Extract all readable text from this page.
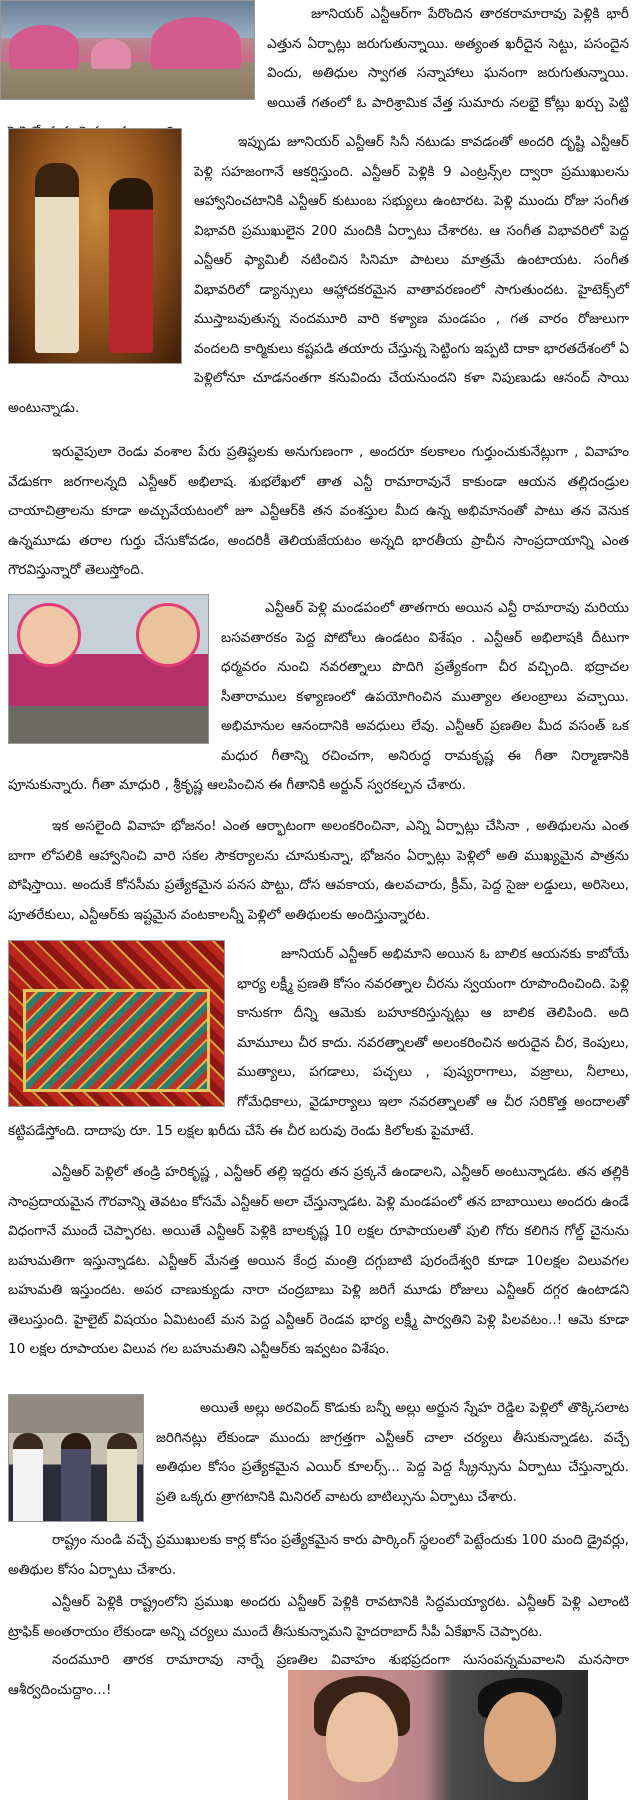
జూనియర్ ఎన్టీఆర్‌గా పేరొందిన తారకరామారావు పెళ్లికి భారీ ఎత్తున ఏర్పాట్లు జరుగుతున్నాయి. అత్యంత ఖరీదైన సెట్టు, పసందైన విందు, అతిధుల స్వాగత సన్నాహాలు ఘనంగా జరుగుతున్నాయి. అయితే గతంలో ఓ పారిశ్రామిక వేత్త సుమారు నలభై కోట్లు ఖర్చు పెట్టి

ఇప్పుడు జూనియర్ ఎన్టీఆర్ సినీ నటుడు కావడంతో అందరి దృష్టి ఎన్టీఆర్ పెళ్లి సహజంగానే ఆకర్షిస్తుంది. ఎన్టీఆర్ పెళ్లికి 9 ఎంట్రన్స్‌ల ద్వారా ప్రముఖులను ఆహ్వానించటానికి ఎన్టీఆర్ కుటుంబ సభ్యులు ఉంటారట. పెళ్లి ముందు రోజు సంగీత విభావరి ప్రముఖులైన 200 మందికి ఏర్పాటు చేశారట. ఆ సంగీత విభావరిలో పెద్ద ఎన్టీఆర్ ఫ్యామిలీ నటించిన సినిమా పాటలు మాత్రమే ఉంటాయట. సంగీత విభావరిలో డ్యాన్సులు ఆహ్లాదకరమైన వాతావరణంలో సాగుతుందట. హైటెక్స్‌లో ముస్తాబవుతున్న నందమూరి వారి కళ్యాణ మండపం , గత వారం రోజులుగా వందలది కార్మికులు కష్టపడి తయారు చేస్తున్న సెట్టింగు ఇప్పటి దాకా భారతదేశంలో ఏ పెళ్లిలోనూ చూడనంతగా కనువిందు చేయనుందని కళా నిపుణుడు ఆనంద్ సాయి అంటున్నాడు.

ఇరువైపులా రెండు వంశాల పేరు ప్రతిష్టలకు అనుగుణంగా , అందరూ కలకాలం గుర్తుంచుకునేట్లుగా , వివాహం వేడుకగా జరగాలన్నది ఎన్టీఆర్ అభిలాష. శుభలేఖలో తాత ఎన్టీ రామారావునే కాకుండా ఆయన తల్లిదండ్రుల చాయాచిత్రాలను కూడా అచ్చువేయటంలో జూ ఎన్టీఆర్‌కి తన వంశస్తుల మీద ఉన్న అభిమానంతో పాటు తన వెనుక ఉన్నమూడు తరాల గుర్తు చేసుకోవడం, అందరికీ తెలియజేయటం అన్నది భారతీయ ప్రాచీన సాంప్రదాయాన్ని ఎంత గౌరవిస్తున్నారో తెలుస్తోంది.

ఎన్టీఆర్ పెళ్లి మండపంలో తాతగారు అయిన ఎన్టీ రామారావు మరియు బసవతారకం పెద్ద పోటోలు ఉండటం విశేషం . ఎన్టీఆర్ అభిలాషకి దీటుగా ధర్మవరం నుంచి నవరత్నాలు పొదిగి ప్రత్యేకంగా చీర వచ్చింది. భద్రాచల సీతారాముల కళ్యాణంలో ఉపయోగించిన ముత్యాల తలంబ్రాలు వచ్చాయి. అభిమానుల ఆనందానికి అవధులు లేవు. ఎన్టీఆర్ ప్రణతిల మీద వసంత్ ఒక మధుర గీతాన్ని రచించగా, అనిరుద్ధ రామకృష్ణ ఈ గీతా నిర్మాణానికి పూనుకున్నారు. గీతా మాధురి , శ్రీకృష్ణ ఆలపించిన ఈ గీతానికి అర్జున్ స్వరకల్పన చేశారు.

ఇక అసలైంది వివాహ భోజనం! ఎంత ఆర్భాటంగా అలంకరించినా, ఎన్ని ఏర్పాట్లు చేసినా , అతిథులను ఎంత బాగా లోపలికి ఆహ్వానించి వారి సకల సౌకర్యాలను చూసుకున్నా, భోజనం ఏర్పాట్లు పెళ్లిలో అతి ముఖ్యమైన పాత్రను పోషిస్తాయి. అందుకే కోనసీమ ప్రత్యేకమైన పనస పొట్టు, దోస ఆవకాయ, ఉలవచారు, క్రీమ్, పెద్ద సైజు లడ్డులు, అరిసెలు, పూతరేకులు, ఎన్టీఆర్‌కు ఇష్టమైన వంటకాలన్నీ పెళ్లిలో అతిథులకు అందిస్తున్నారట.

జూనియర్ ఎన్టీఆర్ అభిమాని అయిన ఓ బాలిక ఆయనకు కాబోయే భార్య లక్ష్మీ ప్రణతి కోసం నవరత్నాల చీరను స్వయంగా రూపొందించింది. పెళ్లి కానుకగా దీన్ని ఆమెకు బహూకరిస్తున్నట్లు ఆ బాలిక తెలిపింది. అది మామూలు చీర కాదు. నవరత్నాలతో అలంకరించిన అరుదైన చీర, కెంపులు, ముత్యాలు, పగడాలు, పచ్చలు , పుష్యరాగాలు, వజ్రాలు, నీలాలు, గోమేధికాలు, వైడూర్యాలు ఇలా నవరత్నాలతో ఆ చీర సరికొత్త అందాలతో కట్టిపడేస్తోంది. దాదాపు రూ. 15 లక్షల ఖరీదు చేసే ఈ చీర బరువు రెండు కిలోలకు పైమాటే.

ఎన్టీఆర్ పెళ్లిలో తండ్రి హరికృష్ణ , ఎన్టీఆర్ తల్లి ఇద్దరు తన ప్రక్కనే ఉండాలని, ఎన్టీఆర్ అంటున్నాడట. తన తల్లికి సాంప్రదాయమైన గౌరవాన్ని తెవటం కోసమే ఎన్టీఆర్ అలా చేస్తున్నాడట. పెళ్లి మండపంలో తన బాబాయిలు అందరు ఉండే విధంగానే ముందే చెప్పారట. అయితే ఎన్టీఆర్ పెళ్లికి బాలకృష్ణ 10 లక్షల రూపాయలతో పులి గోరు కలిగిన గోల్డ్ చైనును బహుమతిగా ఇస్తున్నాడట. ఎన్టీఆర్ మేనత్త అయిన కేంద్ర మంత్రి దగ్గుబాటి పురందేశ్వరి కూడా 10లక్షల విలువగల బహుమతి ఇస్తుందట. అపర చాణుక్యుడు నారా చంద్రబాబు పెళ్లి జరిగే మూడు రోజులు ఎన్టీఆర్ దగ్గర ఉంటాడని తెలుస్తుంది. హైలైట్ విషయం ఏమిటంటే మన పెద్ద ఎన్టీఆర్ రెండవ భార్య లక్ష్మీ పార్వతిని పెళ్లి పిలవటం..! ఆమె కూడా 10 లక్షల రూపాయల విలువ గల బహుమతిని ఎన్టీఆర్‌కు ఇవ్వటం విశేషం.

అయితే అల్లు అరవింద్ కొడుకు బన్నీ అల్లు అర్జున స్నేహ రెడ్డిల పెళ్లిలో తొక్కిసలాట జరిగినట్లు లేకుండా ముందు జాగ్రత్తగా ఎన్టీఆర్ చాలా చర్యలు తీసుకున్నాడట. వచ్చే అతిథుల కోసం ప్రత్యేకమైన ఎయిర్ కూలర్స్... పెద్ద పెద్ద స్క్రీన్సును ఏర్పాటు చేస్తున్నారు. ప్రతి ఒక్కరు త్రాగటానికి మినిరల్ వాటరు బాటిల్సును ఏర్పాటు చేశారు.

రాష్ట్రం నుండి వచ్చే ప్రముఖులకు కార్ల కోసం ప్రత్యేకమైన కారు పార్కింగ్ స్థలంలో పెట్టేందుకు 100 మంది డ్రైవర్లు, అతిథుల కోసం ఏర్పాటు చేశారు.

ఎన్టీఆర్ పెళ్లికి రాష్ట్రంలోని ప్రముఖ అందరు ఎన్టీఆర్ పెళ్లికి రావటానికి సిద్ధమయ్యారట. ఎన్టీఆర్ పెళ్లి ఎలాంటి ట్రాఫిక్ అంతరాయం లేకుండా అన్ని చర్యలు ముందే తీసుకున్నామని హైదరాబాద్ సీపీ ఏకేఖాన్ చెప్పారట.

నందమూరి తారక రామారావు నార్నే ప్రణతిల వివాహం శుభప్రదంగా సుసంపన్నమవాలని మనసారా ఆశీర్వదించుద్దాం...!
